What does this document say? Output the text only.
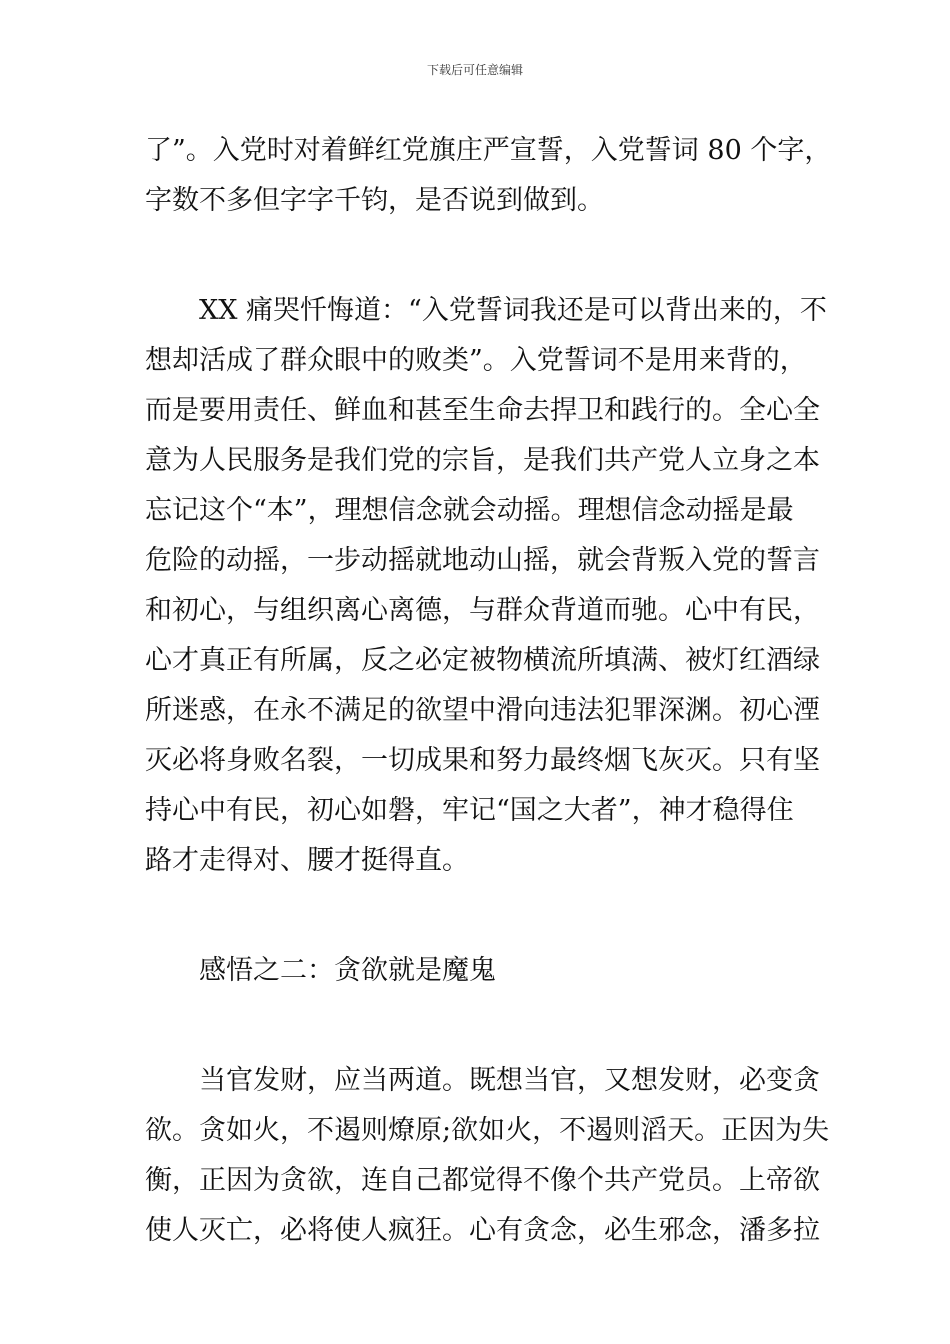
下载后可任意编辑
了”。入党时对着鲜红党旗庄严宣誓，入党誓词 80 个字，
字数不多但字字千钧，是否说到做到。
XX 痛哭忏悔道：“入党誓词我还是可以背出来的，不
想却活成了群众眼中的败类”。入党誓词不是用来背的，
而是要用责任、鲜血和甚至生命去捍卫和践行的。全心全
意为人民服务是我们党的宗旨，是我们共产党人立身之本
忘记这个“本”，理想信念就会动摇。理想信念动摇是最
危险的动摇，一步动摇就地动山摇，就会背叛入党的誓言
和初心，与组织离心离德，与群众背道而驰。心中有民，
心才真正有所属，反之必定被物横流所填满、被灯红酒绿
所迷惑，在永不满足的欲望中滑向违法犯罪深渊。初心湮
灭必将身败名裂，一切成果和努力最终烟飞灰灭。只有坚
持心中有民，初心如磐，牢记“国之大者”，神才稳得住
路才走得对、腰才挺得直。
感悟之二：贪欲就是魔鬼
当官发财，应当两道。既想当官，又想发财，必变贪
欲。贪如火，不遏则燎原;欲如火，不遏则滔天。正因为失
衡，正因为贪欲，连自己都觉得不像个共产党员。上帝欲
使人灭亡，必将使人疯狂。心有贪念，必生邪念，潘多拉
